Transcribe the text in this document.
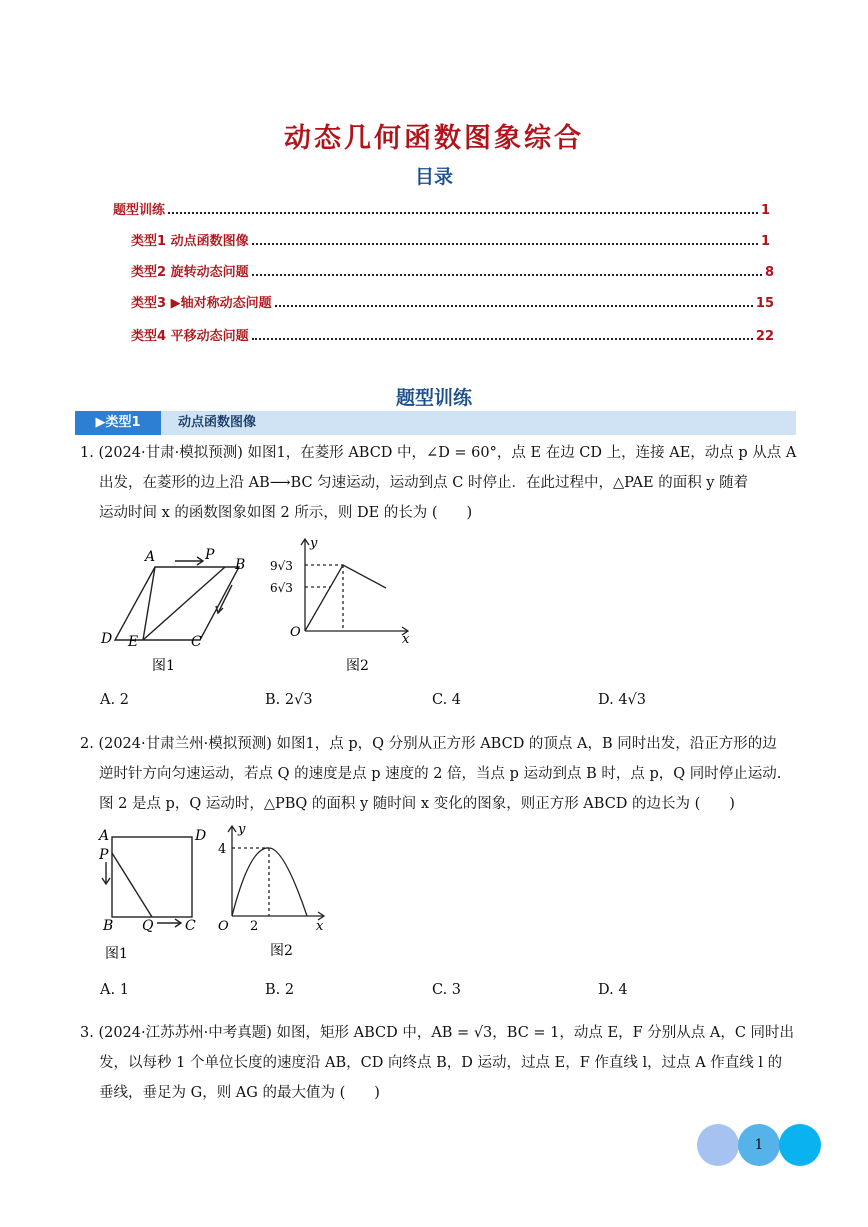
动态几何函数图象综合
目录
题型训练	1
类型1 动点函数图像	1
类型2 旋转动态问题	8
类型3 ▶轴对称动态问题	15
类型4 平移动态问题	22
题型训练
▶类型1	动点函数图像
1. (2024·甘肃·模拟预测) 如图1，在菱形 ABCD 中，∠D = 60°，点 E 在边 CD 上，连接 AE，动点 p 从点 A
出发，在菱形的边上沿 AB⟶BC 匀速运动，运动到点 C 时停止．在此过程中，△PAE 的面积 y 随着
运动时间 x 的函数图象如图 2 所示，则 DE 的长为 (　　)
A	P
B
D E	C
图1
y
9√3
6√3
O	x
图2
A. 2	B. 2√3	C. 4	D. 4√3
2. (2024·甘肃兰州·模拟预测) 如图1，点 p，Q 分别从正方形 ABCD 的顶点 A，B 同时出发，沿正方形的边
逆时针方向匀速运动，若点 Q 的速度是点 p 速度的 2 倍，当点 p 运动到点 B 时，点 p，Q 同时停止运动.
图 2 是点 p，Q 运动时，△PBQ 的面积 y 随时间 x 变化的图象，则正方形 ABCD 的边长为 (　　)
A	D
P
B Q C
图1
y
4
O 2	x
图2
A. 1	B. 2	C. 3	D. 4
3. (2024·江苏苏州·中考真题) 如图，矩形 ABCD 中，AB = √3，BC = 1，动点 E，F 分别从点 A，C 同时出
发，以每秒 1 个单位长度的速度沿 AB，CD 向终点 B，D 运动，过点 E，F 作直线 l，过点 A 作直线 l 的
垂线，垂足为 G，则 AG 的最大值为 (　　)
1
